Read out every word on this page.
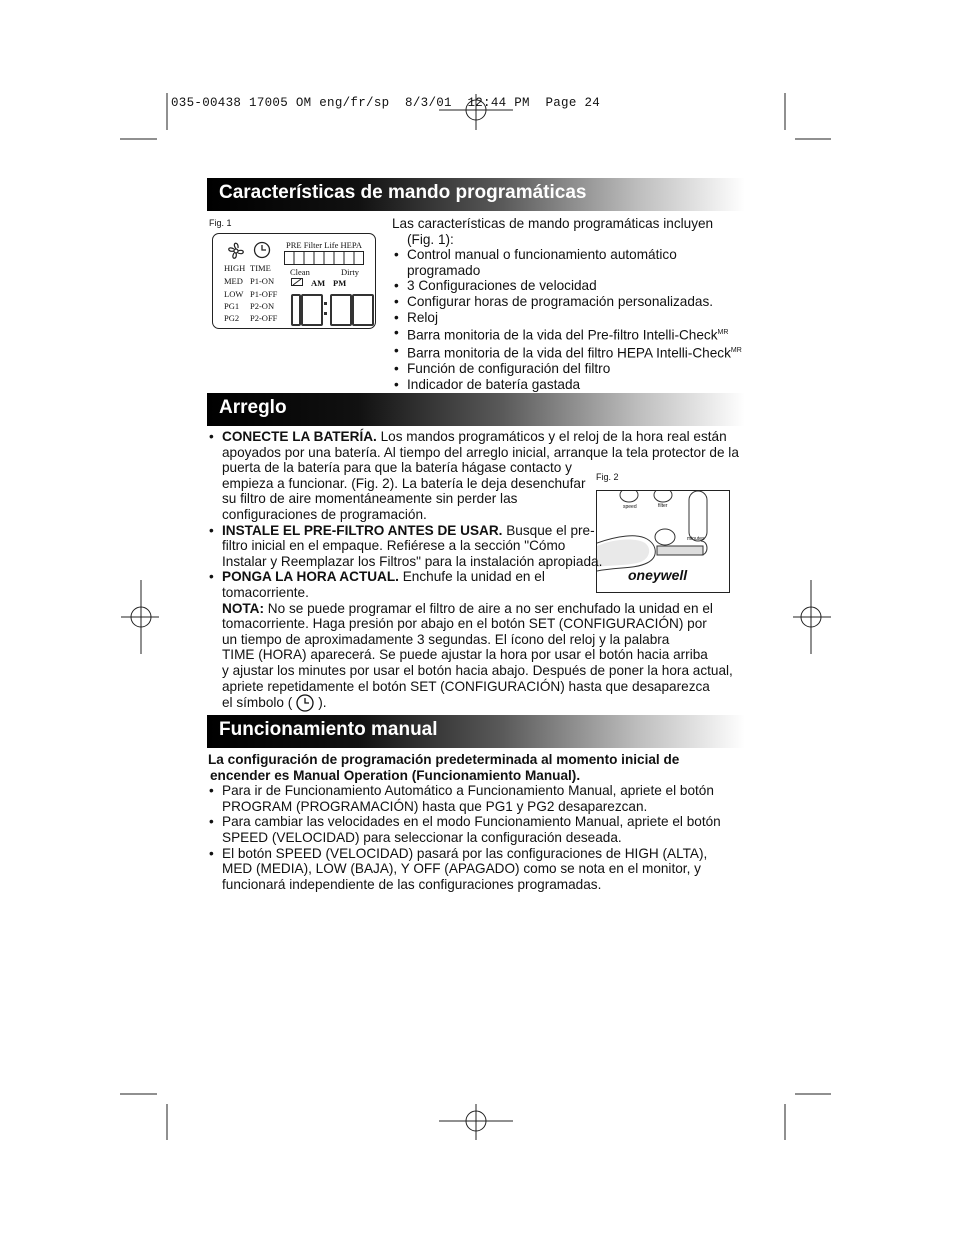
035-00438 17005 OM eng/fr/sp  8/3/01  12:44 PM  Page 24
Características de mando programáticas
Fig. 1
PRE Filter Life HEPA
Clean	Dirty
AM PM
HIGH TIME
MED P1-ON
LOW P1-OFF
PG1 P2-ON
PG2 P2-OFF
Las características de mando programáticas incluyen
(Fig. 1):
• Control manual o funcionamiento automático programado
• 3 Configuraciones de velocidad
• Configurar horas de programación personalizadas.
• Reloj
• Barra monitoria de la vida del Pre-filtro Intelli-Check$^{MR}$
• Barra monitoria de la vida del filtro HEPA Intelli-Check$^{MR}$
• Función de configuración del filtro
• Indicador de batería gastada
Arreglo
Fig. 2
speed	filter
minutes
oneywell
• CONECTE LA BATERÍA. Los mandos programáticos y el reloj de la hora real están
apoyados por una batería. Al tiempo del arreglo inicial, arranque la tela protector de la
puerta de la batería para que la batería hágase contacto y
empieza a funcionar. (Fig. 2). La batería le deja desenchufar
su filtro de aire momentáneamente sin perder las
configuraciones de programación.
• INSTALE EL PRE-FILTRO ANTES DE USAR. Busque el pre-
filtro inicial en el empaque. Refiérese a la sección "Cómo
Instalar y Reemplazar los Filtros" para la instalación apropiada.
• PONGA LA HORA ACTUAL. Enchufe la unidad en el
tomacorriente.
NOTA: No se puede programar el filtro de aire a no ser enchufado la unidad en el
tomacorriente. Haga presión por abajo en el botón SET (CONFIGURACIÓN) por
un tiempo de aproximadamente 3 segundas. El ícono del reloj y la palabra
TIME (HORA) aparecerá. Se puede ajustar la hora por usar el botón hacia arriba
y ajustar los minutes por usar el botón hacia abajo. Después de poner la hora actual,
apriete repetidamente el botón SET (CONFIGURACIÓN) hasta que desaparezca
el símbolo ( ).
Funcionamiento manual
La configuración de programación predeterminada al momento inicial de
encender es Manual Operation (Funcionamiento Manual).
• Para ir de Funcionamiento Automático a Funcionamiento Manual, apriete el botón
PROGRAM (PROGRAMACIÓN) hasta que PG1 y PG2 desaparezcan.
• Para cambiar las velocidades en el modo Funcionamiento Manual, apriete el botón
SPEED (VELOCIDAD) para seleccionar la configuración deseada.
• El botón SPEED (VELOCIDAD) pasará por las configuraciones de HIGH (ALTA),
MED (MEDIA), LOW (BAJA), Y OFF (APAGADO) como se nota en el monitor, y
funcionará independiente de las configuraciones programadas.
